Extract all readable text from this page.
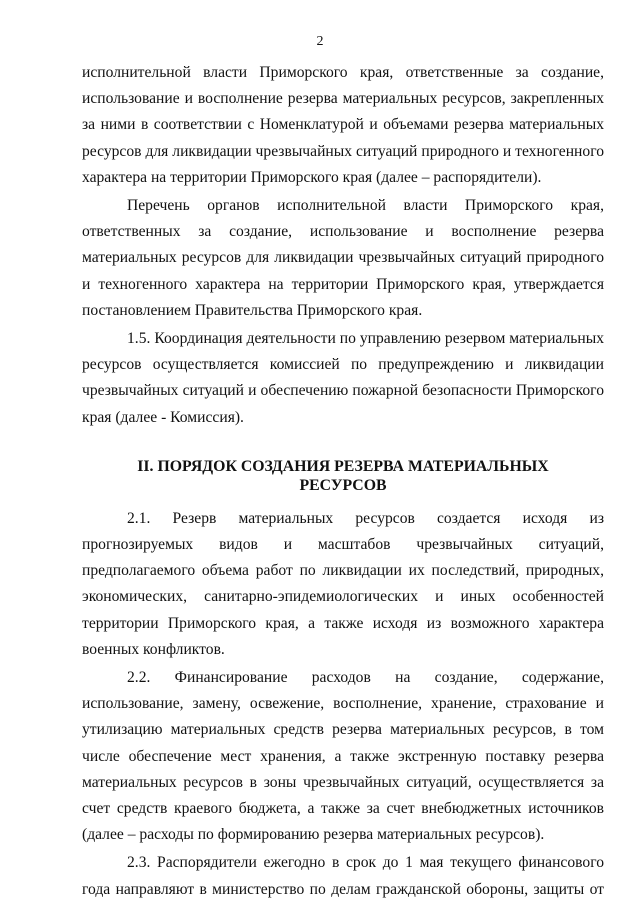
2

исполнительной власти Приморского края, ответственные за создание, использование и восполнение резерва материальных ресурсов, закрепленных за ними в соответствии с Номенклатурой и объемами резерва материальных ресурсов для ликвидации чрезвычайных ситуаций природного и техногенного характера на территории Приморского края (далее – распорядители).

Перечень органов исполнительной власти Приморского края, ответственных за создание, использование и восполнение резерва материальных ресурсов для ликвидации чрезвычайных ситуаций природного и техногенного характера на территории Приморского края, утверждается постановлением Правительства Приморского края.

1.5. Координация деятельности по управлению резервом материальных ресурсов осуществляется комиссией по предупреждению и ликвидации чрезвычайных ситуаций и обеспечению пожарной безопасности Приморского края (далее - Комиссия).

II. ПОРЯДОК СОЗДАНИЯ РЕЗЕРВА МАТЕРИАЛЬНЫХ
РЕСУРСОВ

2.1. Резерв материальных ресурсов создается исходя из прогнозируемых видов и масштабов чрезвычайных ситуаций, предполагаемого объема работ по ликвидации их последствий, природных, экономических, санитарно-эпидемиологических и иных особенностей территории Приморского края, а также исходя из возможного характера военных конфликтов.

2.2. Финансирование расходов на создание, содержание, использование, замену, освежение, восполнение, хранение, страхование и утилизацию материальных средств резерва материальных ресурсов, в том числе обеспечение мест хранения, а также экстренную поставку резерва материальных ресурсов в зоны чрезвычайных ситуаций, осуществляется за счет средств краевого бюджета, а также за счет внебюджетных источников (далее – расходы по формированию резерва материальных ресурсов).

2.3. Распорядители ежегодно в срок до 1 мая текущего финансового года направляют в министерство по делам гражданской обороны, защиты от
